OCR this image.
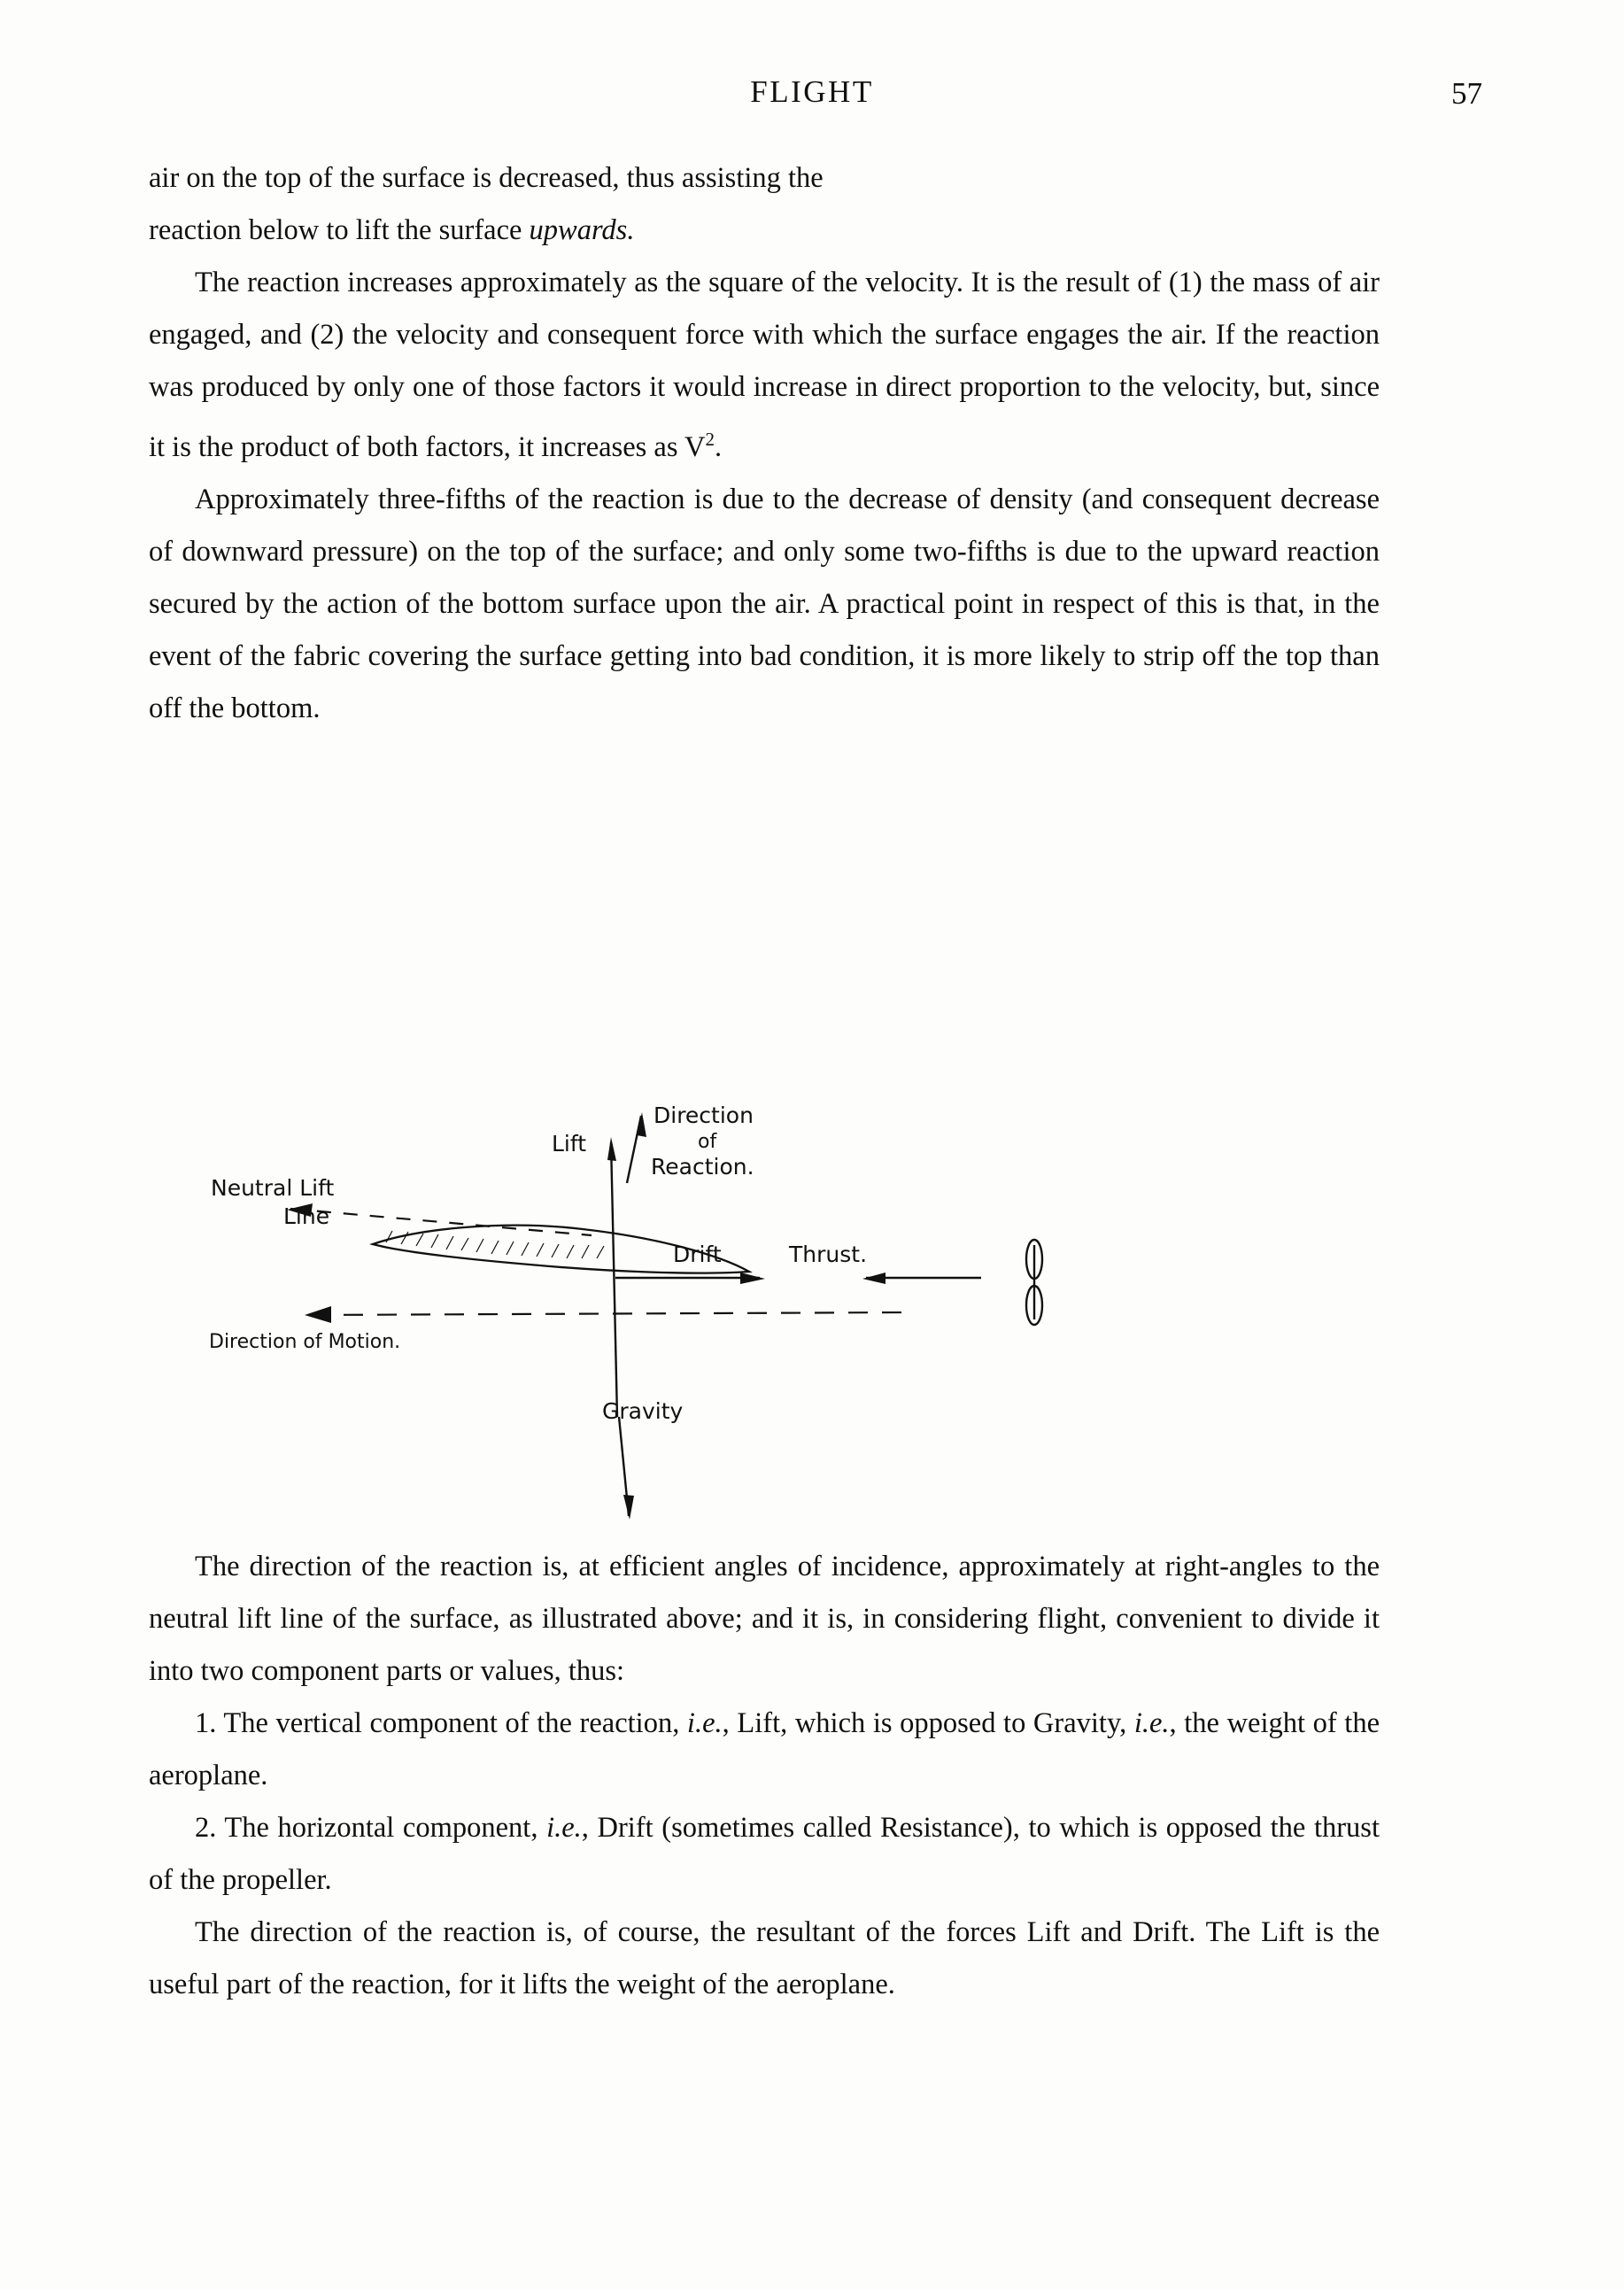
FLIGHT	57

air on the top of the surface is decreased, thus assisting the
reaction below to lift the surface upwards.

The reaction increases approximately as the square of the velocity. It is the result of (1) the mass of air engaged, and (2) the velocity and consequent force with which the surface engages the air. If the reaction was produced by only one of those factors it would increase in direct proportion to the velocity, but, since it is the product of both factors, it increases as $V^2$.

Approximately three-fifths of the reaction is due to the decrease of density (and consequent decrease of downward pressure) on the top of the surface; and only some two-fifths is due to the upward reaction secured by the action of the bottom surface upon the air. A practical point in respect of this is that, in the event of the fabric covering the surface getting into bad condition, it is more likely to strip off the top than off the bottom.

Lift
Direction
of
Reaction.
Neutral Lift
Line
Drift	Thrust.
Direction of Motion.
Gravity

The direction of the reaction is, at efficient angles of incidence, approximately at right-angles to the neutral lift line of the surface, as illustrated above; and it is, in considering flight, convenient to divide it into two component parts or values, thus:

1. The vertical component of the reaction, i.e., Lift, which is opposed to Gravity, i.e., the weight of the aeroplane.

2. The horizontal component, i.e., Drift (sometimes called Resistance), to which is opposed the thrust of the propeller.

The direction of the reaction is, of course, the resultant of the forces Lift and Drift. The Lift is the useful part of the reaction, for it lifts the weight of the aeroplane.
